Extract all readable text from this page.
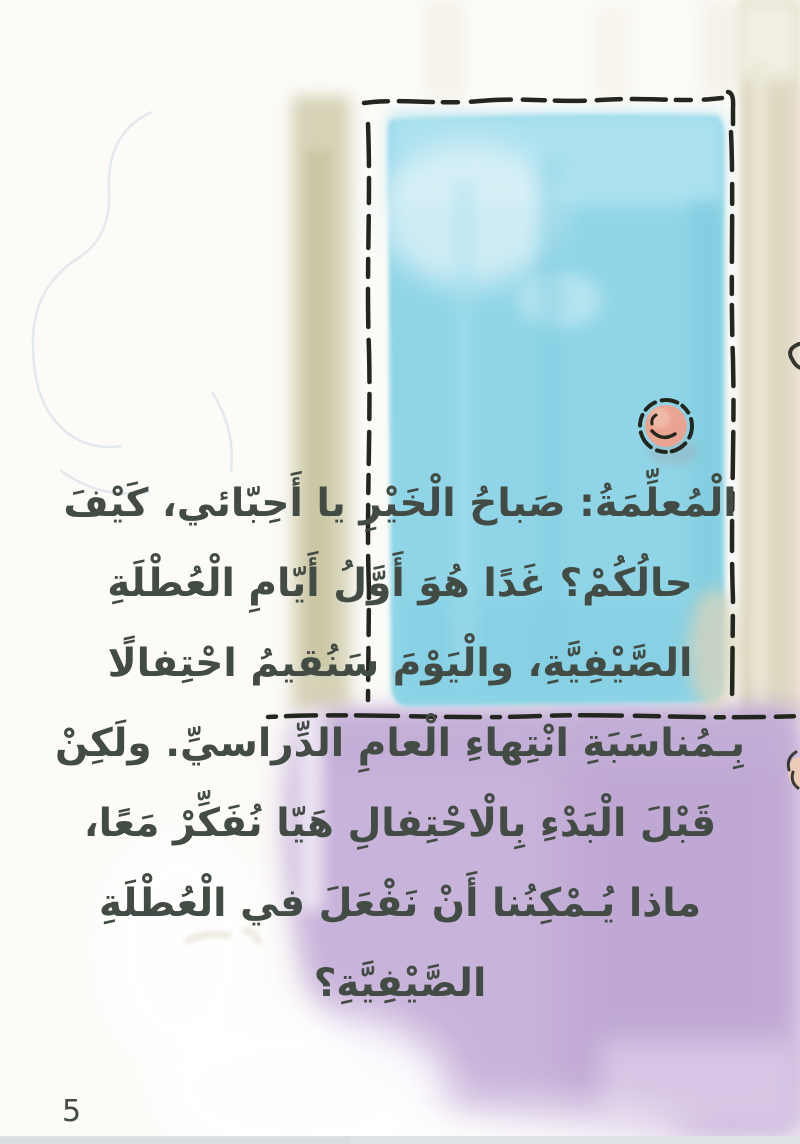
الْمُعلِّمَةُ: صَباحُ الْخَيْرِ يا أَحِبّائي، كَيْفَ
حالُكُمْ؟ غَدًا هُوَ أَوَّلُ أَيّامِ الْعُطْلَةِ
الصَّيْفِيَّةِ، والْيَوْمَ سَنُقيمُ احْتِفالًا
بِـمُناسَبَةِ انْتِهاءِ الْعامِ الدِّراسيِّ. ولَكِنْ
قَبْلَ الْبَدْءِ بِالْاحْتِفالِ هَيّا نُفَكِّرْ مَعًا،
ماذا يُـمْكِنُنا أَنْ نَفْعَلَ في الْعُطْلَةِ
الصَّيْفِيَّةِ؟
5
